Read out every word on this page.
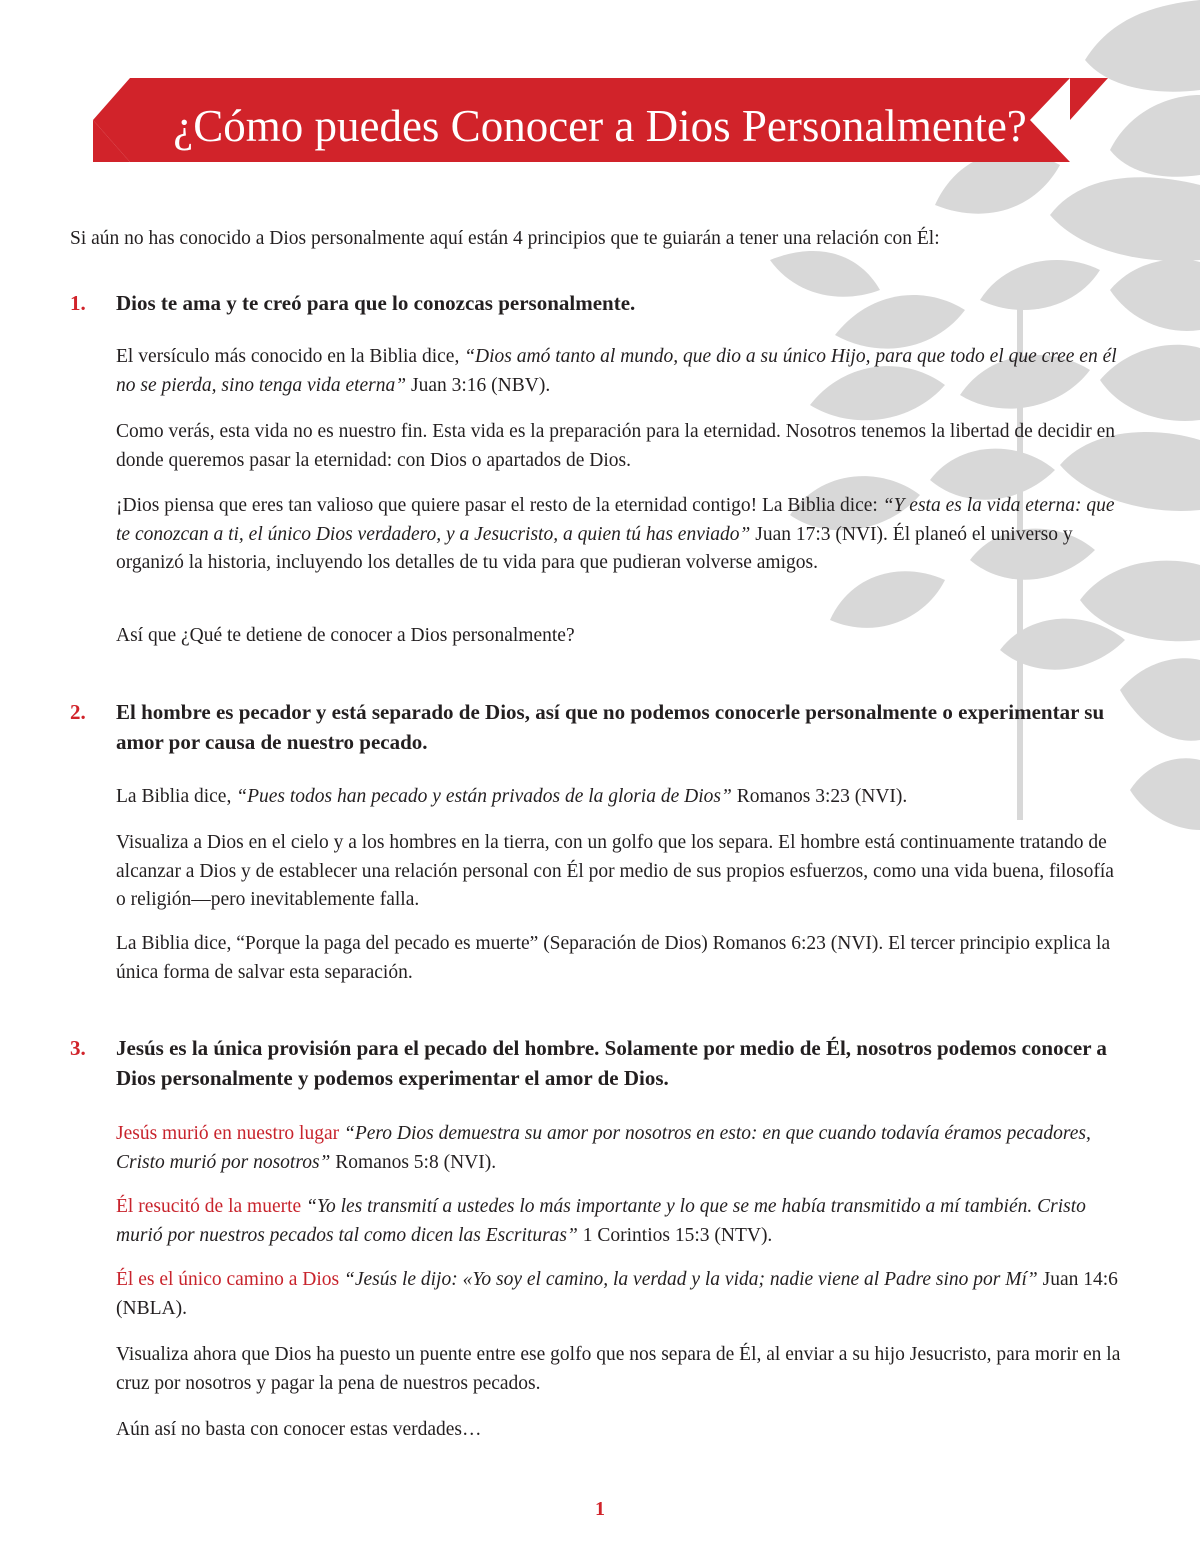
¿Cómo puedes Conocer a Dios Personalmente?
Si aún no has conocido a Dios personalmente aquí están 4 principios que te guiarán a tener una relación con Él:
1. Dios te ama y te creó para que lo conozcas personalmente.
El versículo más conocido en la Biblia dice, “Dios amó tanto al mundo, que dio a su único Hijo, para que todo el que cree en él no se pierda, sino tenga vida eterna” Juan 3:16 (NBV).
Como verás, esta vida no es nuestro fin. Esta vida es la preparación para la eternidad. Nosotros tenemos la libertad de decidir en donde queremos pasar la eternidad: con Dios o apartados de Dios.
¡Dios piensa que eres tan valioso que quiere pasar el resto de la eternidad contigo! La Biblia dice: “Y esta es la vida eterna: que te conozcan a ti, el único Dios verdadero, y a Jesucristo, a quien tú has enviado” Juan 17:3 (NVI). Él planeó el universo y organizó la historia, incluyendo los detalles de tu vida para que pudieran volverse amigos.
Así que ¿Qué te detiene de conocer a Dios personalmente?
2. El hombre es pecador y está separado de Dios, así que no podemos conocerle personalmente o experimentar su amor por causa de nuestro pecado.
La Biblia dice, “Pues todos han pecado y están privados de la gloria de Dios” Romanos 3:23 (NVI).
Visualiza a Dios en el cielo y a los hombres en la tierra, con un golfo que los separa. El hombre está continuamente tratando de alcanzar a Dios y de establecer una relación personal con Él por medio de sus propios esfuerzos, como una vida buena, filosofía o religión—pero inevitablemente falla.
La Biblia dice, “Porque la paga del pecado es muerte” (Separación de Dios) Romanos 6:23 (NVI). El tercer principio explica la única forma de salvar esta separación.
3. Jesús es la única provisión para el pecado del hombre. Solamente por medio de Él, nosotros podemos conocer a Dios personalmente y podemos experimentar el amor de Dios.
Jesús murió en nuestro lugar “Pero Dios demuestra su amor por nosotros en esto: en que cuando todavía éramos pecadores, Cristo murió por nosotros” Romanos 5:8 (NVI).
Él resucitó de la muerte “Yo les transmití a ustedes lo más importante y lo que se me había transmitido a mí también. Cristo murió por nuestros pecados tal como dicen las Escrituras” 1 Corintios 15:3 (NTV).
Él es el único camino a Dios “Jesús le dijo: «Yo soy el camino, la verdad y la vida; nadie viene al Padre sino por Mí” Juan 14:6 (NBLA).
Visualiza ahora que Dios ha puesto un puente entre ese golfo que nos separa de Él, al enviar a su hijo Jesucristo, para morir en la cruz por nosotros y pagar la pena de nuestros pecados.
Aún así no basta con conocer estas verdades…
1
